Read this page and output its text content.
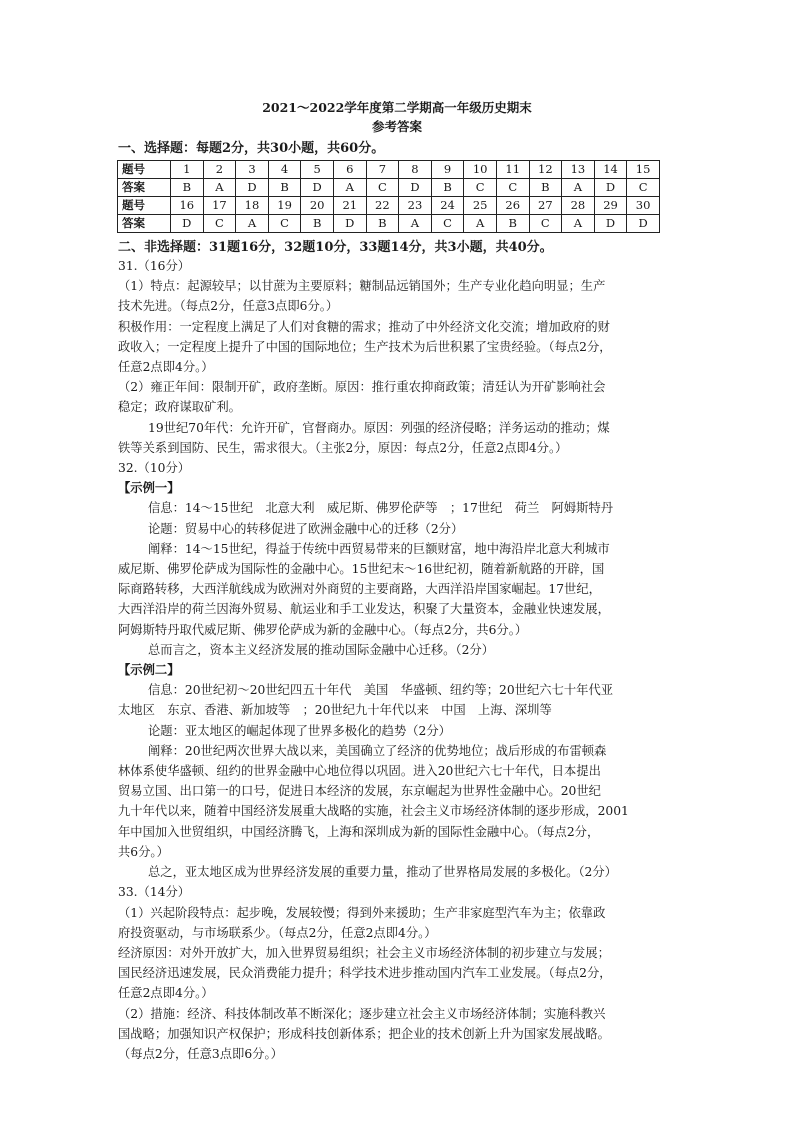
2021～2022学年度第二学期高一年级历史期末
参考答案
一、选择题：每题2分，共30小题，共60分。
题号	1	2	3	4	5	6	7	8	9	10	11	12	13	14	15
答案	B	A	D	B	D	A	C	D	B	C	C	B	A	D	C
题号	16	17	18	19	20	21	22	23	24	25	26	27	28	29	30
答案	D	C	A	C	B	D	B	A	C	A	B	C	A	D	D
二、非选择题：31题16分，32题10分，33题14分，共3小题，共40分。

31.（16分）

（1）特点：起源较早；以甘蔗为主要原料；糖制品远销国外；生产专业化趋向明显；生产

技术先进。（每点2分，任意3点即6分。）

积极作用：一定程度上满足了人们对食糖的需求；推动了中外经济文化交流；增加政府的财

政收入；一定程度上提升了中国的国际地位；生产技术为后世积累了宝贵经验。（每点2分，

任意2点即4分。）

（2）雍正年间：限制开矿，政府垄断。原因：推行重农抑商政策；清廷认为开矿影响社会

稳定；政府谋取矿利。

19世纪70年代：允许开矿，官督商办。原因：列强的经济侵略；洋务运动的推动；煤

铁等关系到国防、民生，需求很大。（主张2分，原因：每点2分，任意2点即4分。）

32.（10分）

【示例一】

信息：14～15世纪　北意大利　威尼斯、佛罗伦萨等　；17世纪　荷兰　阿姆斯特丹

论题：贸易中心的转移促进了欧洲金融中心的迁移（2分）

阐释：14～15世纪，得益于传统中西贸易带来的巨额财富，地中海沿岸北意大利城市

威尼斯、佛罗伦萨成为国际性的金融中心。15世纪末～16世纪初，随着新航路的开辟，国

际商路转移，大西洋航线成为欧洲对外商贸的主要商路，大西洋沿岸国家崛起。17世纪，

大西洋沿岸的荷兰因海外贸易、航运业和手工业发达，积聚了大量资本，金融业快速发展，

阿姆斯特丹取代威尼斯、佛罗伦萨成为新的金融中心。（每点2分，共6分。）

总而言之，资本主义经济发展的推动国际金融中心迁移。（2分）

【示例二】

信息：20世纪初～20世纪四五十年代　美国　华盛顿、纽约等；20世纪六七十年代亚

太地区　东京、香港、新加坡等　；20世纪九十年代以来　中国　上海、深圳等

论题：亚太地区的崛起体现了世界多极化的趋势（2分）

阐释：20世纪两次世界大战以来，美国确立了经济的优势地位；战后形成的布雷顿森

林体系使华盛顿、纽约的世界金融中心地位得以巩固。进入20世纪六七十年代，日本提出

贸易立国、出口第一的口号，促进日本经济的发展，东京崛起为世界性金融中心。20世纪

九十年代以来，随着中国经济发展重大战略的实施，社会主义市场经济体制的逐步形成，2001

年中国加入世贸组织，中国经济腾飞，上海和深圳成为新的国际性金融中心。（每点2分，

共6分。）

总之，亚太地区成为世界经济发展的重要力量，推动了世界格局发展的多极化。（2分）

33.（14分）

（1）兴起阶段特点：起步晚，发展较慢；得到外来援助；生产非家庭型汽车为主；依靠政

府投资驱动，与市场联系少。（每点2分，任意2点即4分。）

经济原因：对外开放扩大，加入世界贸易组织；社会主义市场经济体制的初步建立与发展；

国民经济迅速发展，民众消费能力提升；科学技术进步推动国内汽车工业发展。（每点2分，

任意2点即4分。）

（2）措施：经济、科技体制改革不断深化；逐步建立社会主义市场经济体制；实施科教兴

国战略；加强知识产权保护；形成科技创新体系；把企业的技术创新上升为国家发展战略。

（每点2分，任意3点即6分。）
